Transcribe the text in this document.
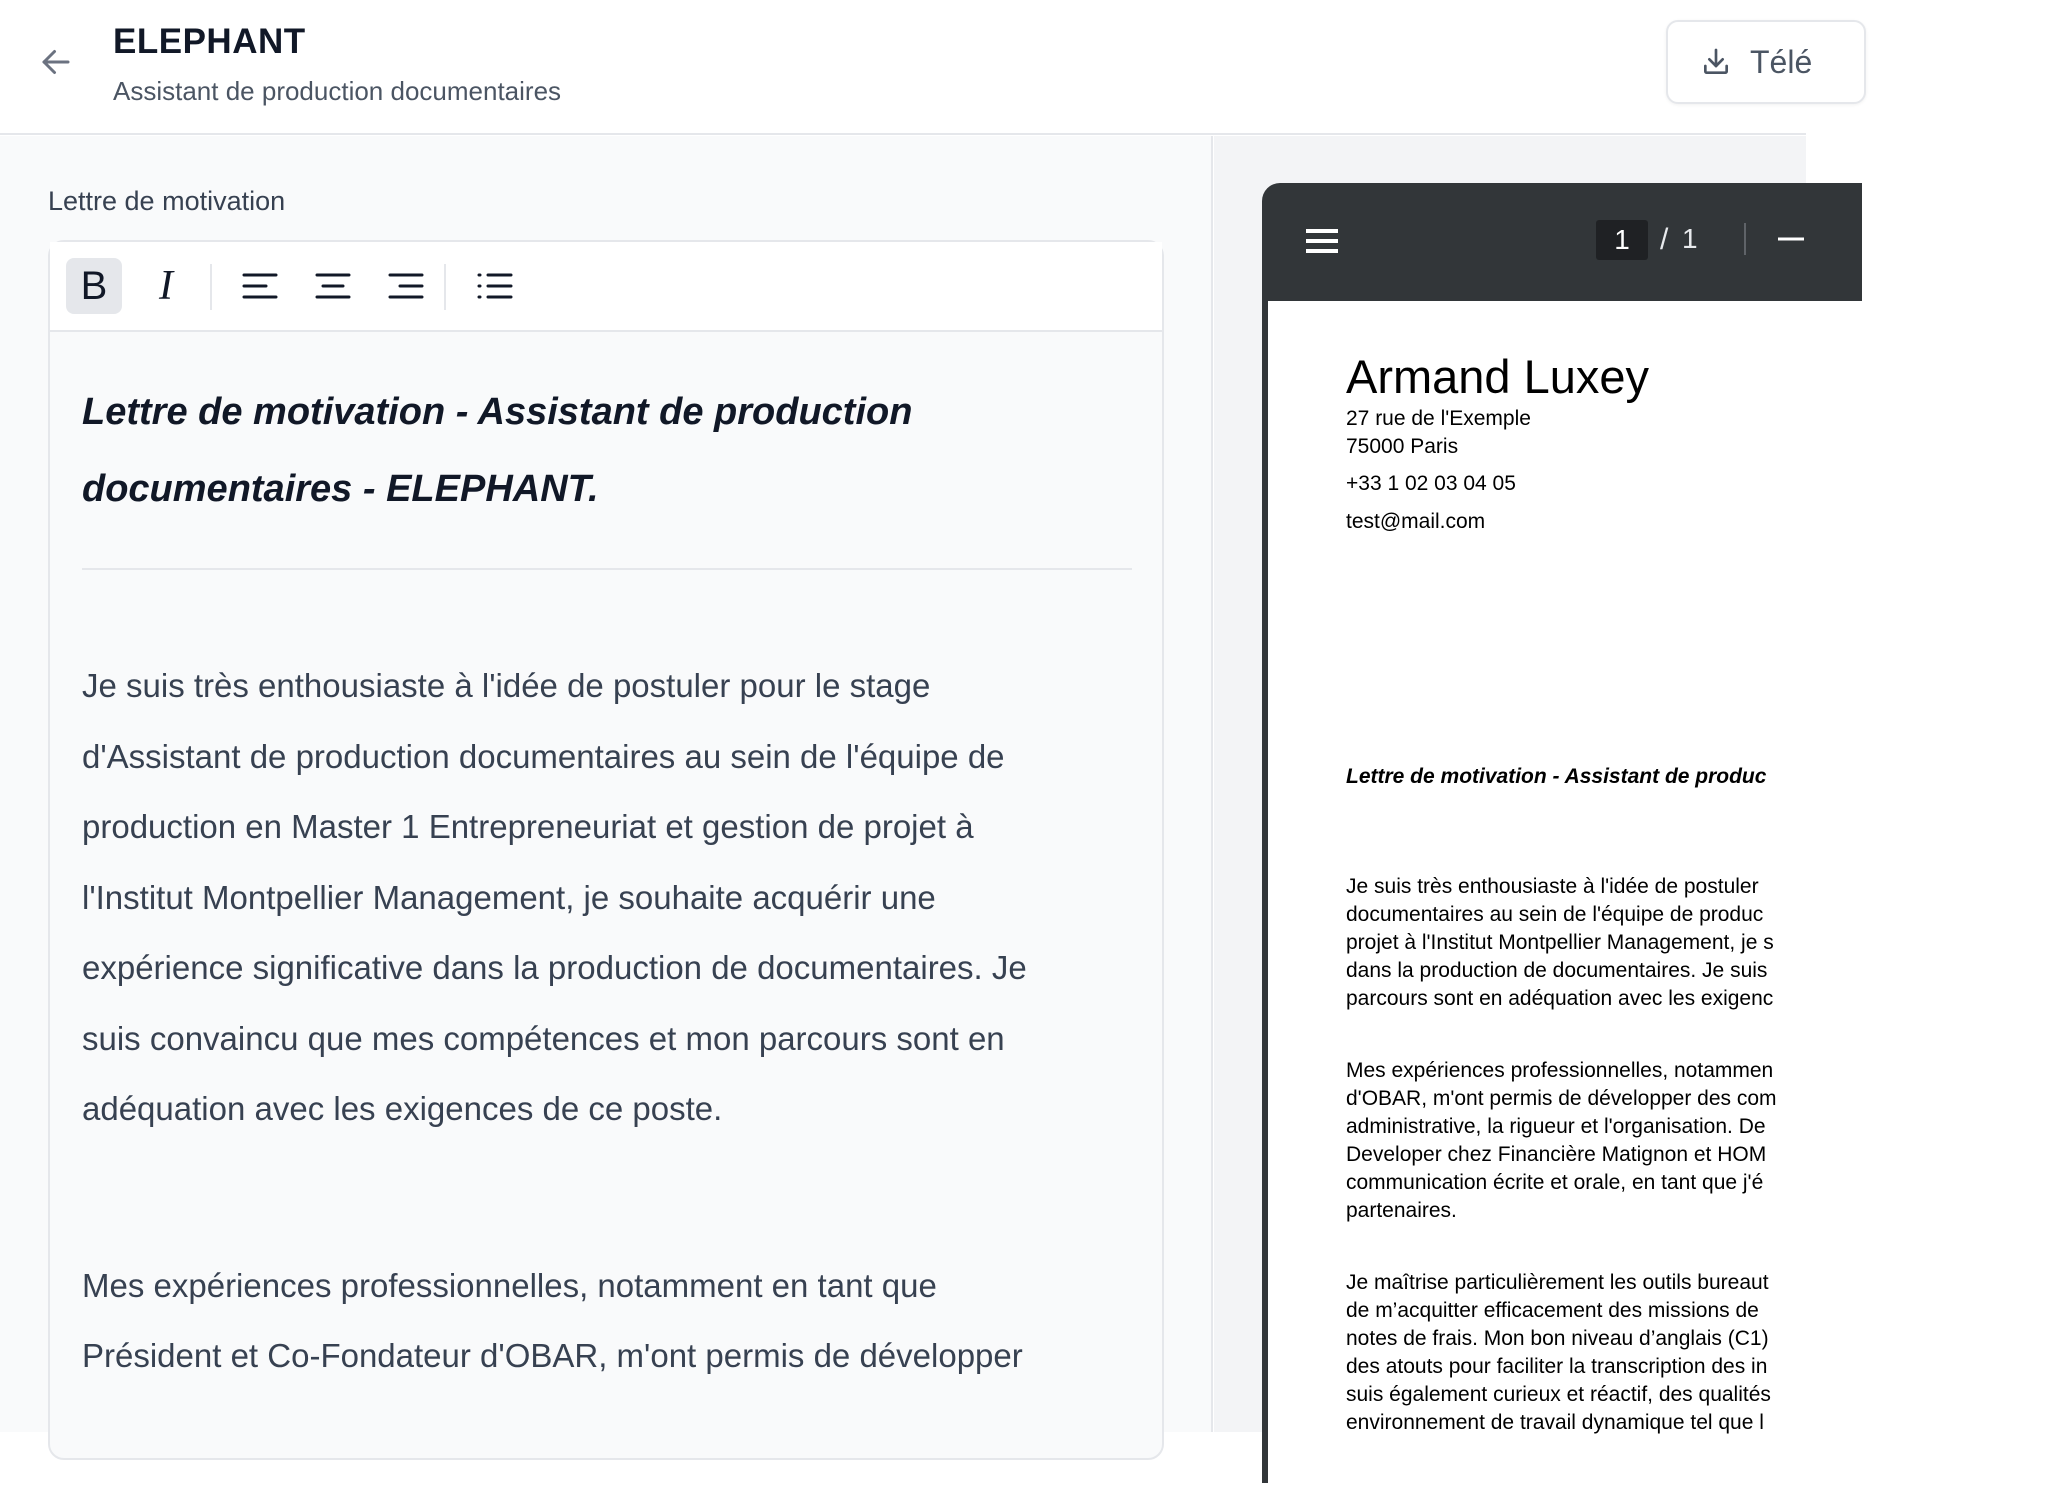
ELEPHANT
Assistant de production documentaires
Télé
Lettre de motivation
B I
Lettre de motivation - Assistant de production
documentaires - ELEPHANT.
Je suis très enthousiaste à l'idée de postuler pour le stage
d'Assistant de production documentaires au sein de l'équipe de
production en Master 1 Entrepreneuriat et gestion de projet à
l'Institut Montpellier Management, je souhaite acquérir une
expérience significative dans la production de documentaires. Je
suis convaincu que mes compétences et mon parcours sont en
adéquation avec les exigences de ce poste.
Mes expériences professionnelles, notamment en tant que
Président et Co-Fondateur d'OBAR, m'ont permis de développer
1	/ 1
Armand Luxey
27 rue de l'Exemple
75000 Paris
+33 1 02 03 04 05
test@mail.com
Lettre de motivation - Assistant de produc
Je suis très enthousiaste à l'idée de postuler
documentaires au sein de l'équipe de produc
projet à l'Institut Montpellier Management, je s
dans la production de documentaires. Je suis
parcours sont en adéquation avec les exigenc
Mes expériences professionnelles, notammen
d'OBAR, m'ont permis de développer des com
administrative, la rigueur et l'organisation. De
Developer chez Financière Matignon et HOM
communication écrite et orale, en tant que j'é
partenaires.
Je maîtrise particulièrement les outils bureaut
de m’acquitter efficacement des missions de
notes de frais. Mon bon niveau d’anglais (C1)
des atouts pour faciliter la transcription des in
suis également curieux et réactif, des qualités
environnement de travail dynamique tel que l
